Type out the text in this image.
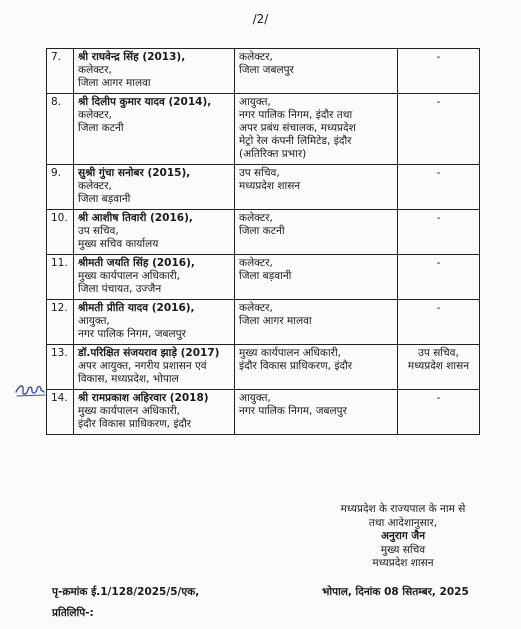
/2/
7.	श्री राघवेन्द्र सिंह (2013),
कलेक्टर,
जिला आगर मालवा	कलेक्टर,
जिला जबलपुर	-

8.	श्री दिलीप कुमार यादव (2014),
कलेक्टर,
जिला कटनी	आयुक्त,
नगर पालिक निगम, इंदौर तथा
अपर प्रबंध संचालक, मध्यप्रदेश
मेट्रो रेल कंपनी लिमिटेड, इंदौर
(अतिरिक्त प्रभार)	-

9.	सुश्री गुंचा सनोबर (2015),
कलेक्टर,
जिला बड़वानी	उप सचिव,
मध्यप्रदेश शासन	-

10.	श्री आशीष तिवारी (2016),
उप सचिव,
मुख्य सचिव कार्यालय	कलेक्टर,
जिला कटनी	-

11.	श्रीमती जयति सिंह (2016),
मुख्य कार्यपालन अधिकारी,
जिला पंचायत, उज्जैन	कलेक्टर,
जिला बड़वानी	-

12.	श्रीमती प्रीति यादव (2016),
आयुक्त,
नगर पालिक निगम, जबलपुर	कलेक्टर,
जिला आगर मालवा	-

13.	डॉ.परिक्षित संजयराव झाड़े (2017)
अपर आयुक्त, नगरीय प्रशासन एवं
विकास, मध्यप्रदेश, भोपाल	मुख्य कार्यपालन अधिकारी,
इंदौर विकास प्राधिकरण, इंदौर	उप सचिव,
मध्यप्रदेश शासन

14.	श्री रामप्रकाश अहिरवार (2018)
मुख्य कार्यपालन अधिकारी,
इंदौर विकास प्राधिकरण, इंदौर	आयुक्त,
नगर पालिक निगम, जबलपुर	-
मध्यप्रदेश के राज्यपाल के नाम से
तथा आदेशानुसार,
अनुराग जैन
मुख्य सचिव
मध्यप्रदेश शासन
पृ-क्रमांक ई.1/128/2025/5/एक,	भोपाल, दिनांक 08 सितम्बर, 2025
प्रतिलिपि-:
